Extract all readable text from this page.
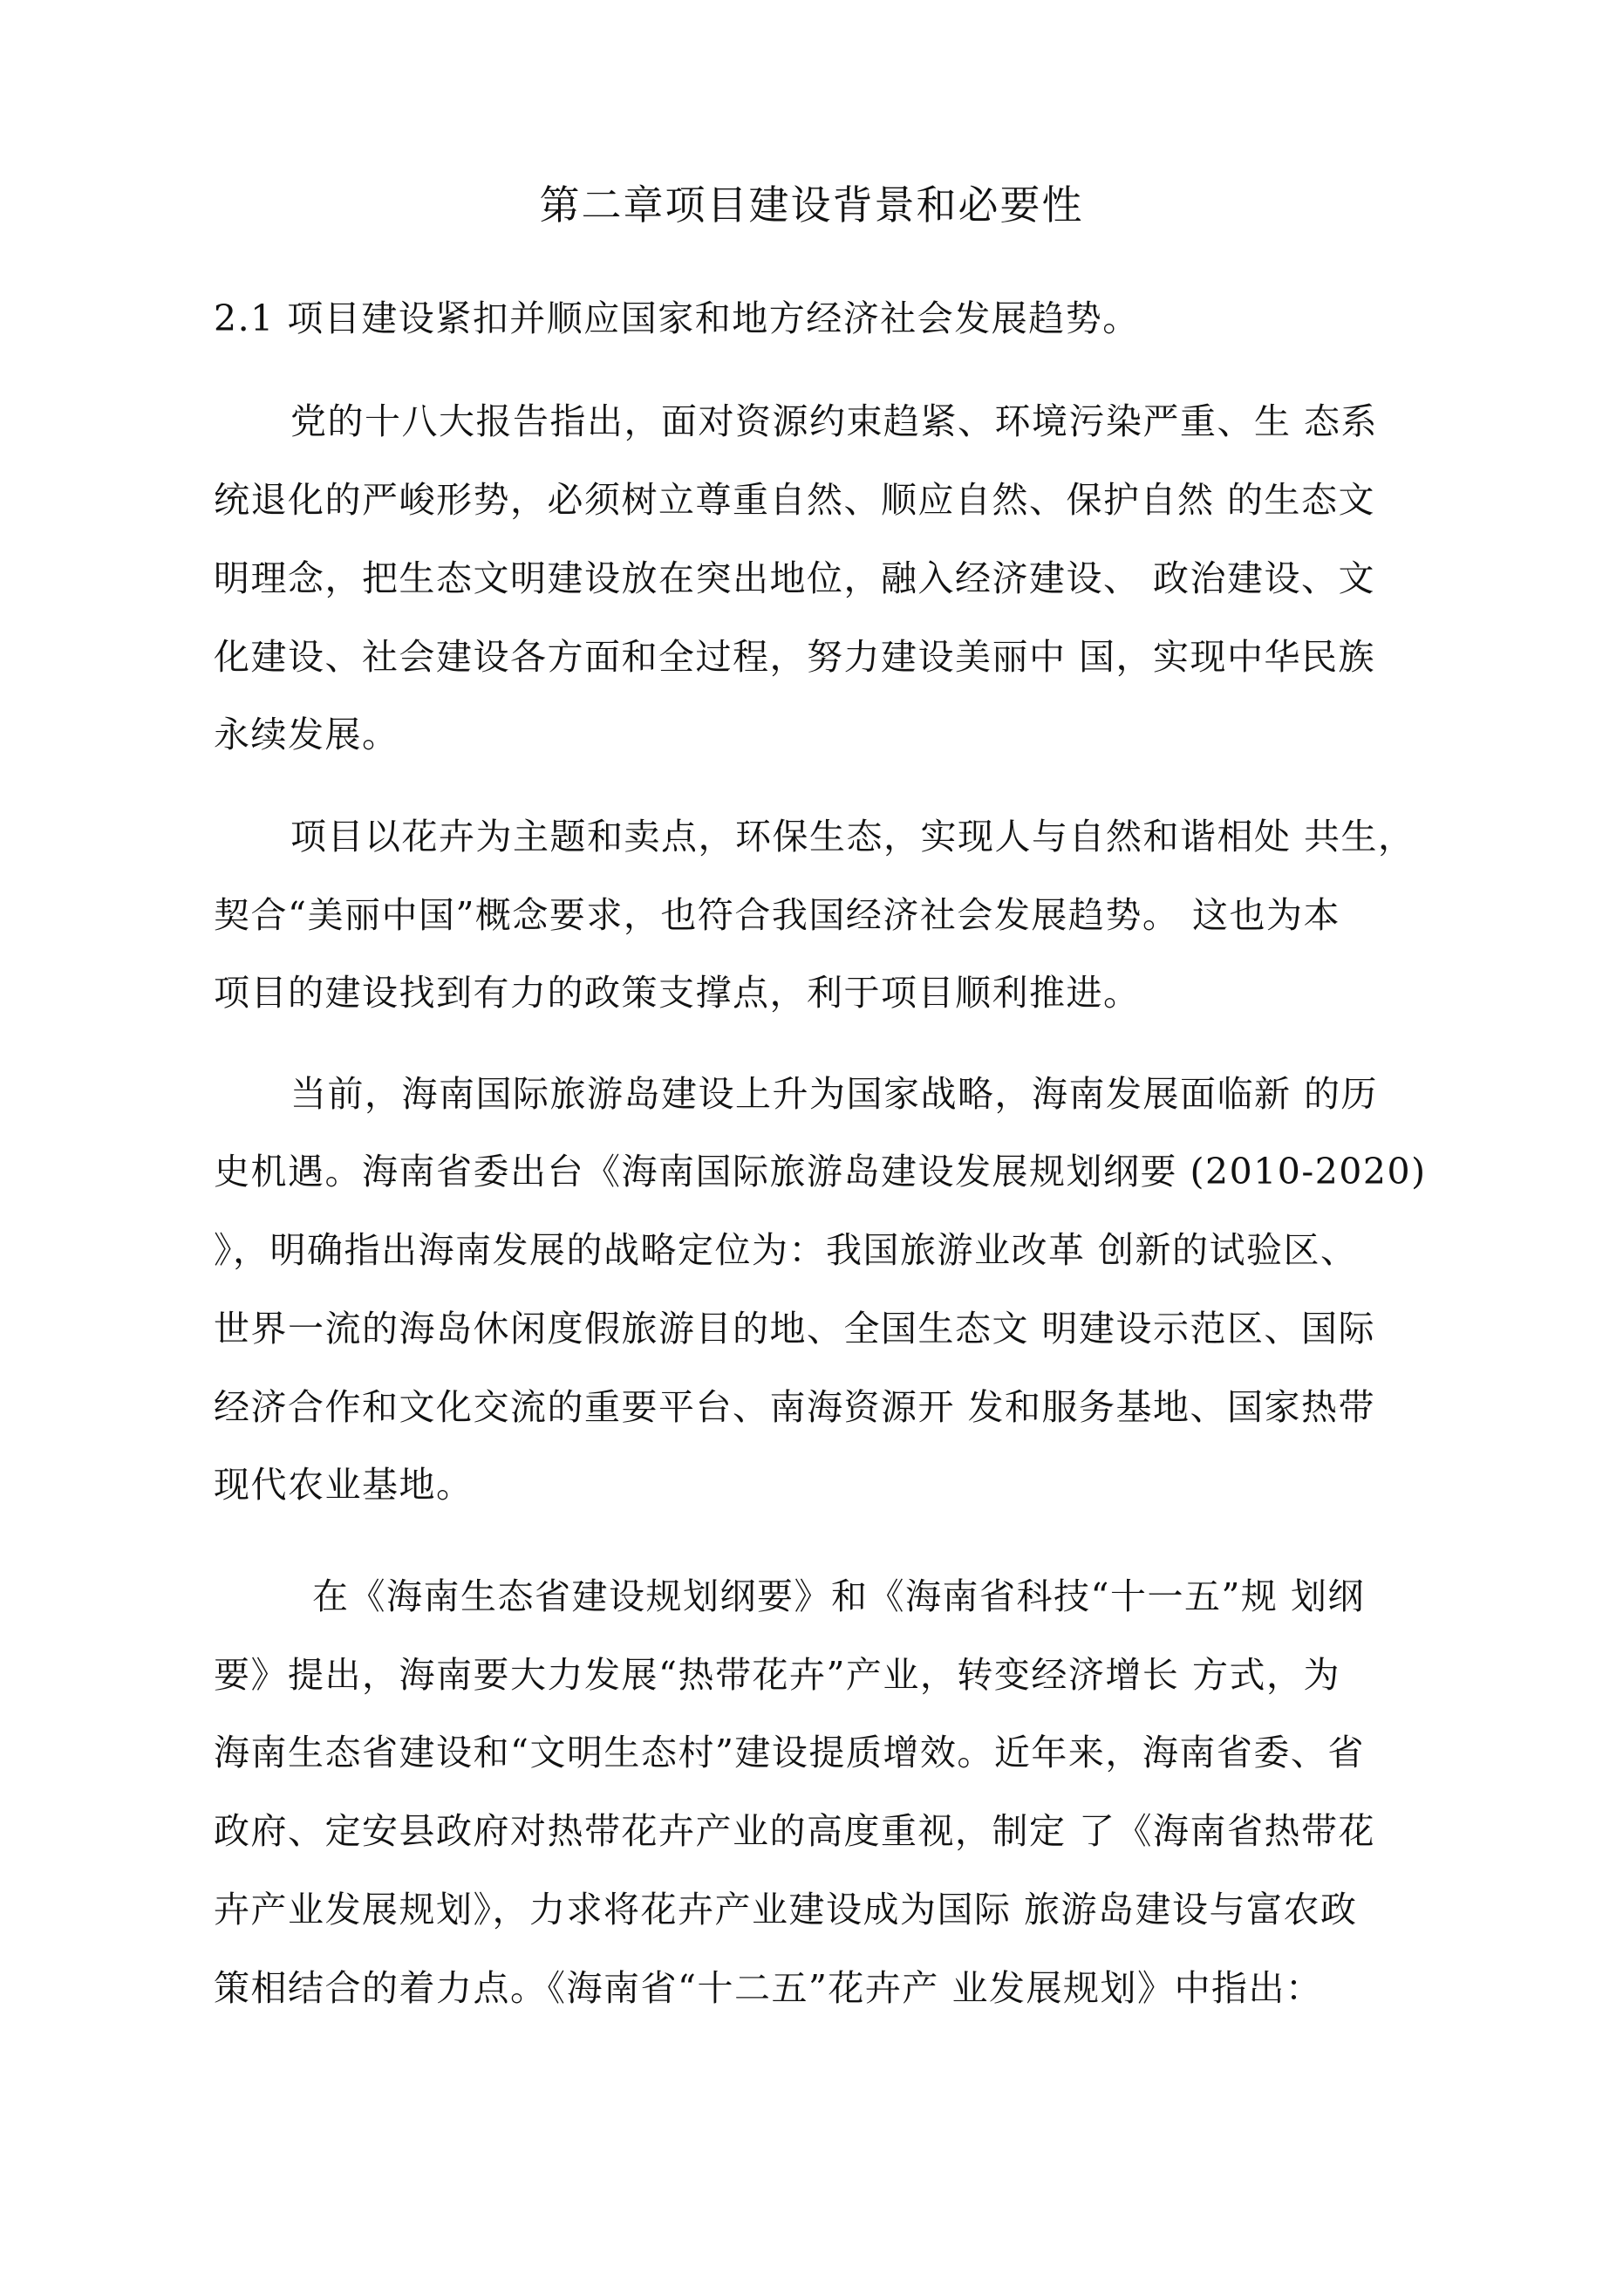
第二章项目建设背景和必要性

2.1 项目建设紧扣并顺应国家和地方经济社会发展趋势。

党的十八大报告指出，面对资源约束趋紧、环境污染严重、生 态系

统退化的严峻形势，必须树立尊重自然、顺应自然、保护自然 的生态文

明理念，把生态文明建设放在突出地位，融入经济建设、 政治建设、文

化建设、社会建设各方面和全过程，努力建设美丽中 国，实现中华民族

永续发展。

项目以花卉为主题和卖点，环保生态，实现人与自然和谐相处 共生，

契合“美丽中国”概念要求，也符合我国经济社会发展趋势。 这也为本

项目的建设找到有力的政策支撑点，利于项目顺利推进。

当前，海南国际旅游岛建设上升为国家战略，海南发展面临新 的历

史机遇。海南省委出台《海南国际旅游岛建设发展规划纲要 (2010-2020)

》，明确指出海南发展的战略定位为：我国旅游业改革 创新的试验区、

世界一流的海岛休闲度假旅游目的地、全国生态文 明建设示范区、国际

经济合作和文化交流的重要平台、南海资源开 发和服务基地、国家热带

现代农业基地。

在《海南生态省建设规划纲要》和《海南省科技“十一五”规 划纲

要》提出，海南要大力发展“热带花卉”产业，转变经济增长 方式，为

海南生态省建设和“文明生态村”建设提质增效。近年来，海南省委、省

政府、定安县政府对热带花卉产业的高度重视，制定 了《海南省热带花

卉产业发展规划》，力求将花卉产业建设成为国际 旅游岛建设与富农政

策相结合的着力点。《海南省“十二五”花卉产 业发展规划》中指出：
